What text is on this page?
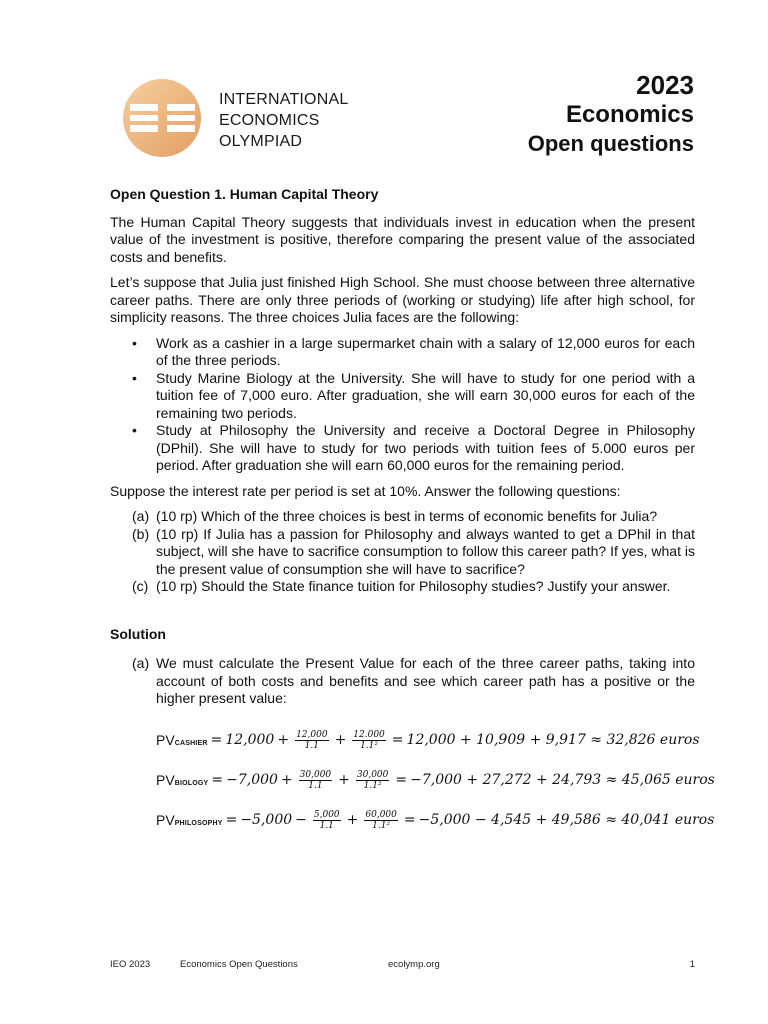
INTERNATIONAL
ECONOMICS
OLYMPIAD
2023
Economics
Open questions

Open Question 1. Human Capital Theory

The Human Capital Theory suggests that individuals invest in education when the present value of the investment is positive, therefore comparing the present value of the associated costs and benefits.

Let’s suppose that Julia just finished High School. She must choose between three alternative career paths. There are only three periods of (working or studying) life after high school, for simplicity reasons. The three choices Julia faces are the following:

• Work as a cashier in a large supermarket chain with a salary of 12,000 euros for each of the three periods.
• Study Marine Biology at the University. She will have to study for one period with a tuition fee of 7,000 euro. After graduation, she will earn 30,000 euros for each of the remaining two periods.
• Study at Philosophy the University and receive a Doctoral Degree in Philosophy (DPhil). She will have to study for two periods with tuition fees of 5.000 euros per period. After graduation she will earn 60,000 euros for the remaining period.

Suppose the interest rate per period is set at 10%. Answer the following questions:

(a) (10 rp) Which of the three choices is best in terms of economic benefits for Julia?
(b) (10 rp) If Julia has a passion for Philosophy and always wanted to get a DPhil in that subject, will she have to sacrifice consumption to follow this career path? If yes, what is the present value of consumption she will have to sacrifice?
(c) (10 rp) Should the State finance tuition for Philosophy studies? Justify your answer.

Solution

(a) We must calculate the Present Value for each of the three career paths, taking into account of both costs and benefits and see which career path has a positive or the higher present value:
PV CASHIER = $12,000 + \frac{12,000}{1.1} + \frac{12.000}{\text{1.1²}} = 12,000 + 10,909 + 9,917 \approx 32,826$ euros
PV BIOLOGY = $-7,000 + \frac{30,000}{1.1} + \frac{30,000}{\text{1.1²}} = -7,000 + 27,272 + 24,793 \approx 45,065$ euros
PV PHILOSOPHY = $-5,000 - \frac{5,000}{1.1} + \frac{60,000}{\text{1.1²}} = -5,000 - 4,545 + 49,586 \approx 40,041$ euros
IEO 2023	Economics Open Questions	ecolymp.org	1
